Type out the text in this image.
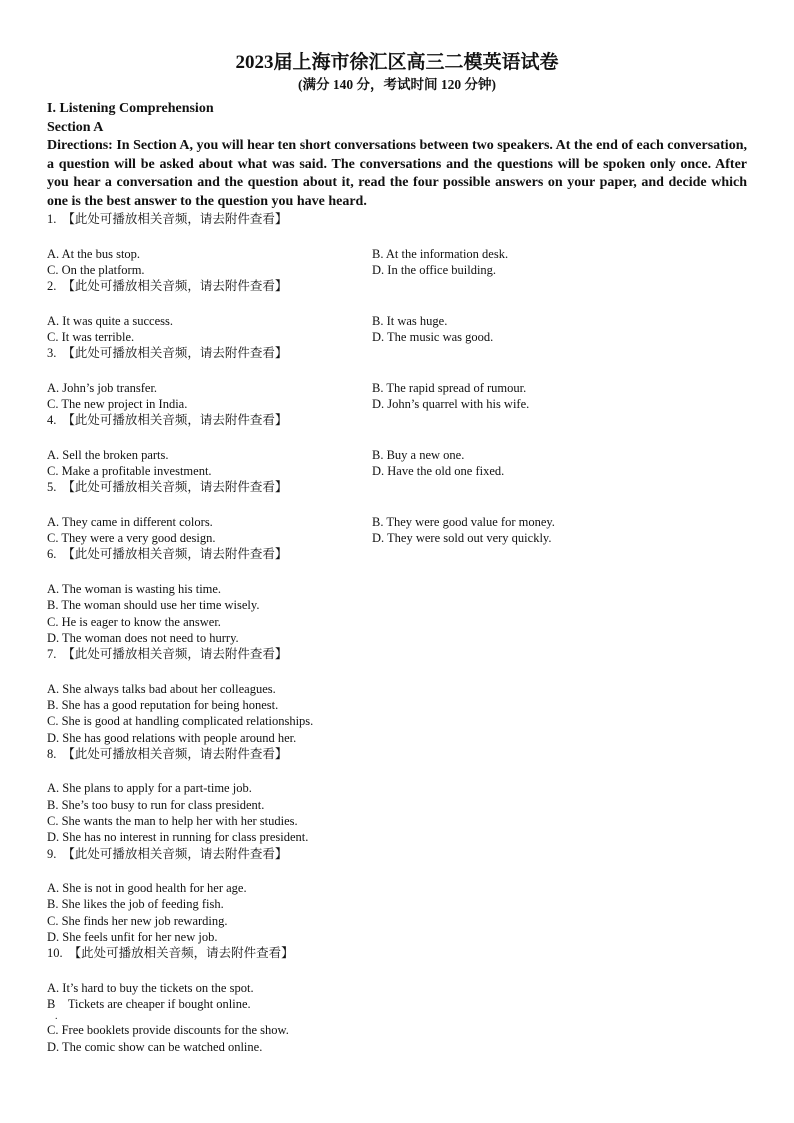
2023届上海市徐汇区高三二模英语试卷

(满分 140 分，考试时间 120 分钟)

I. Listening Comprehension

Section A

Directions: In Section A, you will hear ten short conversations between two speakers. At the end of each conversation, a question will be asked about what was said. The conversations and the questions will be spoken only once. After you hear a conversation and the question about it, read the four possible answers on your paper, and decide which one is the best answer to the question you have heard.

1. 【此处可播放相关音频，请去附件查看】
A. At the bus stop.	B. At the information desk.
C. On the platform.	D. In the office building.
2. 【此处可播放相关音频，请去附件查看】
A. It was quite a success.	B. It was huge.
C. It was terrible.	D. The music was good.
3. 【此处可播放相关音频，请去附件查看】
A. John’s job transfer.	B. The rapid spread of rumour.
C. The new project in India.	D. John’s quarrel with his wife.
4. 【此处可播放相关音频，请去附件查看】
A. Sell the broken parts.	B. Buy a new one.
C. Make a profitable investment.	D. Have the old one fixed.
5. 【此处可播放相关音频，请去附件查看】
A. They came in different colors.	B. They were good value for money.
C. They were a very good design.	D. They were sold out very quickly.
6. 【此处可播放相关音频，请去附件查看】
A. The woman is wasting his time.
B. The woman should use her time wisely.
C. He is eager to know the answer.
D. The woman does not need to hurry.
7. 【此处可播放相关音频，请去附件查看】
A. She always talks bad about her colleagues.
B. She has a good reputation for being honest.
C. She is good at handling complicated relationships.
D. She has good relations with people around her.
8. 【此处可播放相关音频，请去附件查看】
A. She plans to apply for a part-time job.
B. She’s too busy to run for class president.
C. She wants the man to help her with her studies.
D. She has no interest in running for class president.
9. 【此处可播放相关音频，请去附件查看】
A. She is not in good health for her age.
B. She likes the job of feeding fish.
C. She finds her new job rewarding.
D. She feels unfit for her new job.
10. 【此处可播放相关音频，请去附件查看】
A. It’s hard to buy the tickets on the spot.
B　Tickets are cheaper if bought online.
.
C. Free booklets provide discounts for the show.
D. The comic show can be watched online.
